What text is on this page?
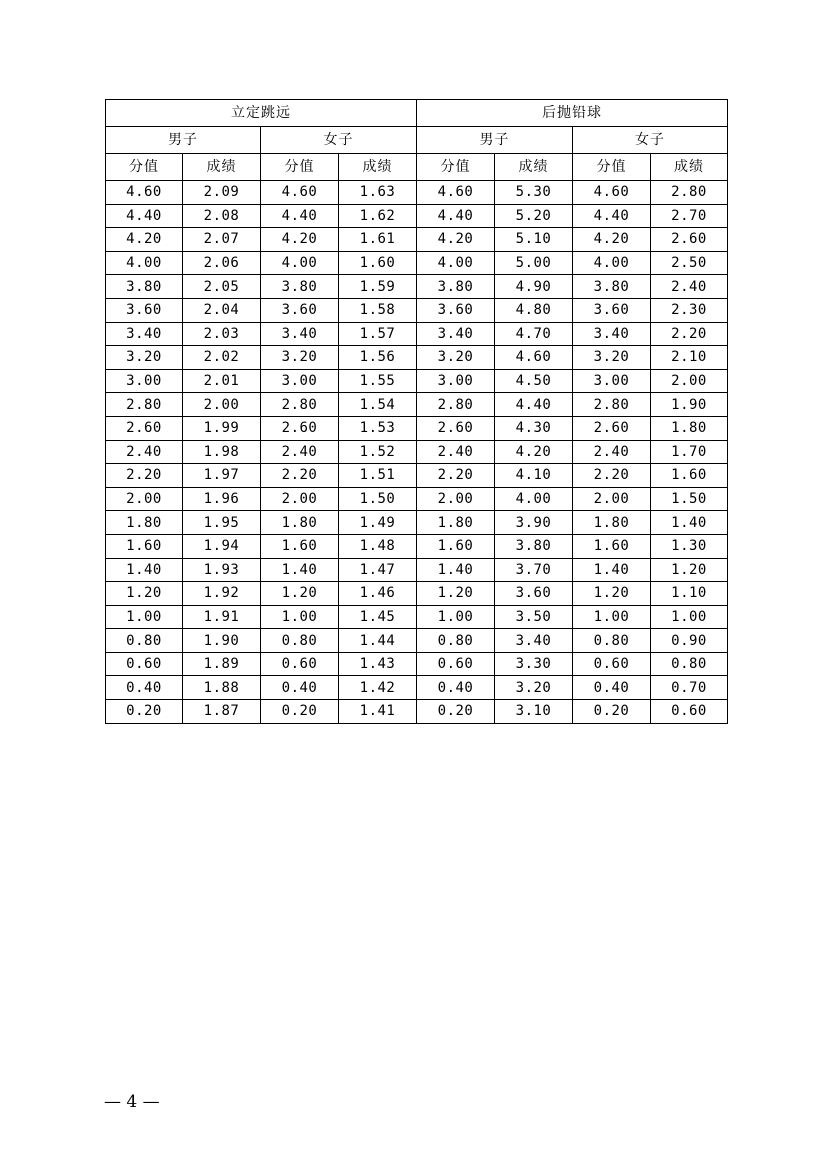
立定跳远				后抛铅球			
男子		女子		男子		女子	
分值	成绩	分值	成绩	分值	成绩	分值	成绩
4.60	2.09	4.60	1.63	4.60	5.30	4.60	2.80
4.40	2.08	4.40	1.62	4.40	5.20	4.40	2.70
4.20	2.07	4.20	1.61	4.20	5.10	4.20	2.60
4.00	2.06	4.00	1.60	4.00	5.00	4.00	2.50
3.80	2.05	3.80	1.59	3.80	4.90	3.80	2.40
3.60	2.04	3.60	1.58	3.60	4.80	3.60	2.30
3.40	2.03	3.40	1.57	3.40	4.70	3.40	2.20
3.20	2.02	3.20	1.56	3.20	4.60	3.20	2.10
3.00	2.01	3.00	1.55	3.00	4.50	3.00	2.00
2.80	2.00	2.80	1.54	2.80	4.40	2.80	1.90
2.60	1.99	2.60	1.53	2.60	4.30	2.60	1.80
2.40	1.98	2.40	1.52	2.40	4.20	2.40	1.70
2.20	1.97	2.20	1.51	2.20	4.10	2.20	1.60
2.00	1.96	2.00	1.50	2.00	4.00	2.00	1.50
1.80	1.95	1.80	1.49	1.80	3.90	1.80	1.40
1.60	1.94	1.60	1.48	1.60	3.80	1.60	1.30
1.40	1.93	1.40	1.47	1.40	3.70	1.40	1.20
1.20	1.92	1.20	1.46	1.20	3.60	1.20	1.10
1.00	1.91	1.00	1.45	1.00	3.50	1.00	1.00
0.80	1.90	0.80	1.44	0.80	3.40	0.80	0.90
0.60	1.89	0.60	1.43	0.60	3.30	0.60	0.80
0.40	1.88	0.40	1.42	0.40	3.20	0.40	0.70
0.20	1.87	0.20	1.41	0.20	3.10	0.20	0.60
— 4 —
